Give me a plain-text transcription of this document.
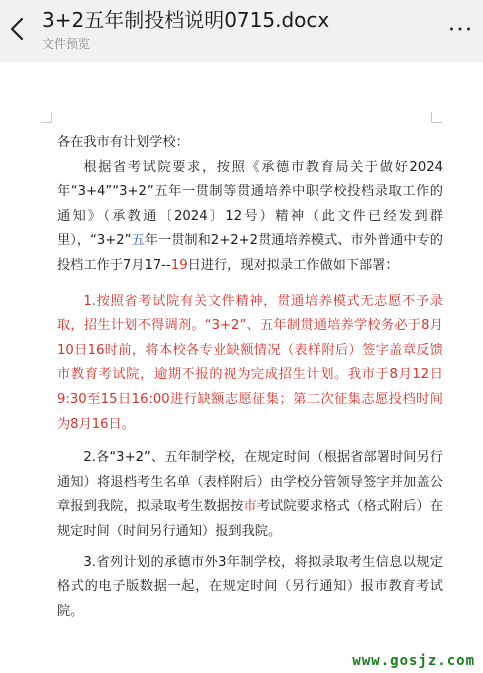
3+2五年制投档说明0715.docx
文件预览
•••

各在我市有计划学校：

根据省考试院要求，按照《承德市教育局关于做好2024年“3+4”“3+2”五年一贯制等贯通培养中职学校投档录取工作的通知》（承教通〔2024〕12号）精神（此文件已经发到群里），“3+2”五年一贯制和2+2+2贯通培养模式、市外普通中专的投档工作于7月17--19日进行，现对拟录工作做如下部署：

1.按照省考试院有关文件精神，贯通培养模式无志愿不予录取，招生计划不得调剂。“3+2”、五年制贯通培养学校务必于8月10日16时前，将本校各专业缺额情况（表样附后）签字盖章反馈市教育考试院，逾期不报的视为完成招生计划。我市于8月12日9:30至15日16:00进行缺额志愿征集；第二次征集志愿投档时间为8月16日。

2.各“3+2”、五年制学校，在规定时间（根据省部署时间另行通知）将退档考生名单（表样附后）由学校分管领导签字并加盖公章报到我院，拟录取考生数据按市考试院要求格式（格式附后）在规定时间（时间另行通知）报到我院。

3.省列计划的承德市外3年制学校，将拟录取考生信息以规定格式的电子版数据一起，在规定时间（另行通知）报市教育考试院。

www.gosjz.com
